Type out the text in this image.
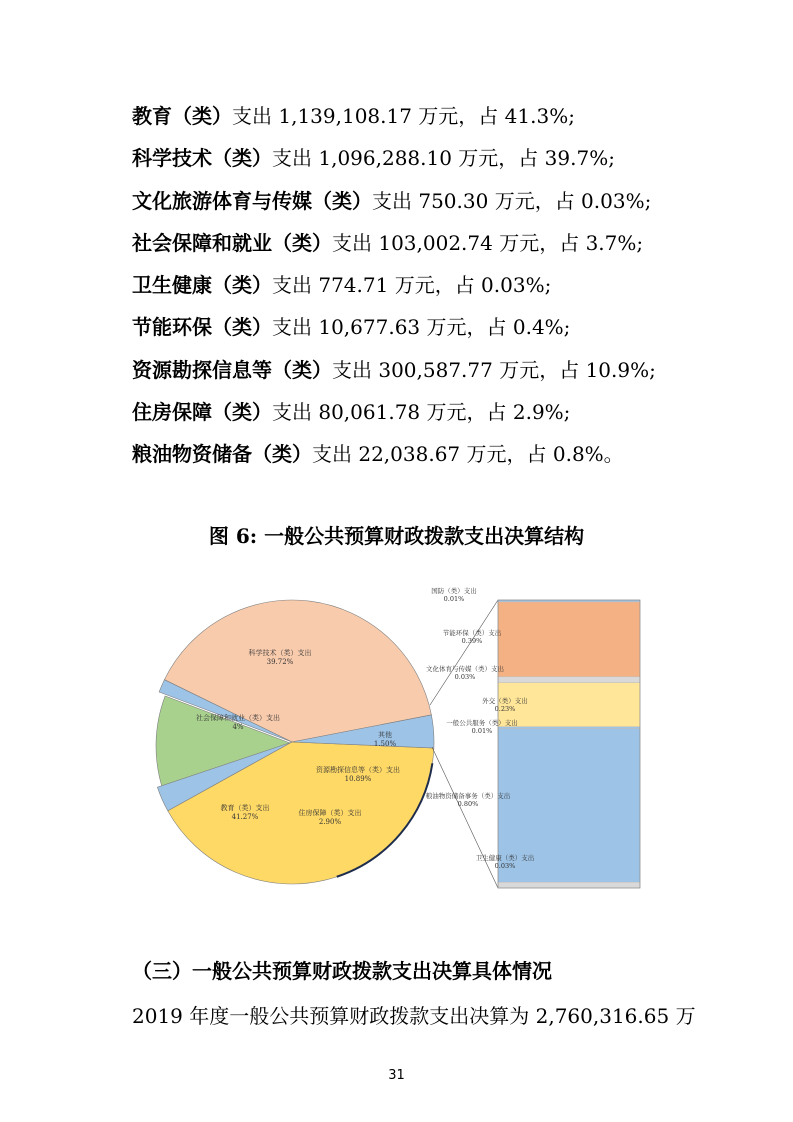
教育（类）支出 1,139,108.17 万元，占 41.3%;
科学技术（类）支出 1,096,288.10 万元，占 39.7%;
文化旅游体育与传媒（类）支出 750.30 万元，占 0.03%;
社会保障和就业（类）支出 103,002.74 万元，占 3.7%;
卫生健康（类）支出 774.71 万元，占 0.03%;
节能环保（类）支出 10,677.63 万元，占 0.4%;
资源勘探信息等（类）支出 300,587.77 万元，占 10.9%;
住房保障（类）支出 80,061.78 万元，占 2.9%;
粮油物资储备（类）支出 22,038.67 万元，占 0.8%。
图 6: 一般公共预算财政拨款支出决算结构
科学技术（类）支出
39.72%
其他
1.50%
资源勘探信息等（类）支出
10.89%
住房保障（类）支出
2.90%
教育（类）支出
41.27%
社会保障和就业（类）支出
4%
国防（类）支出
0.01%
节能环保（类）支出
0.39%
文化体育与传媒（类）支出
0.03%
外交（类）支出
0.23%
一般公共服务（类）支出
0.01%
粮油物资储备事务（类）支出
0.80%
卫生健康（类）支出
0.03%
（三）一般公共预算财政拨款支出决算具体情况
2019 年度一般公共预算财政拨款支出决算为 2,760,316.65 万
31
